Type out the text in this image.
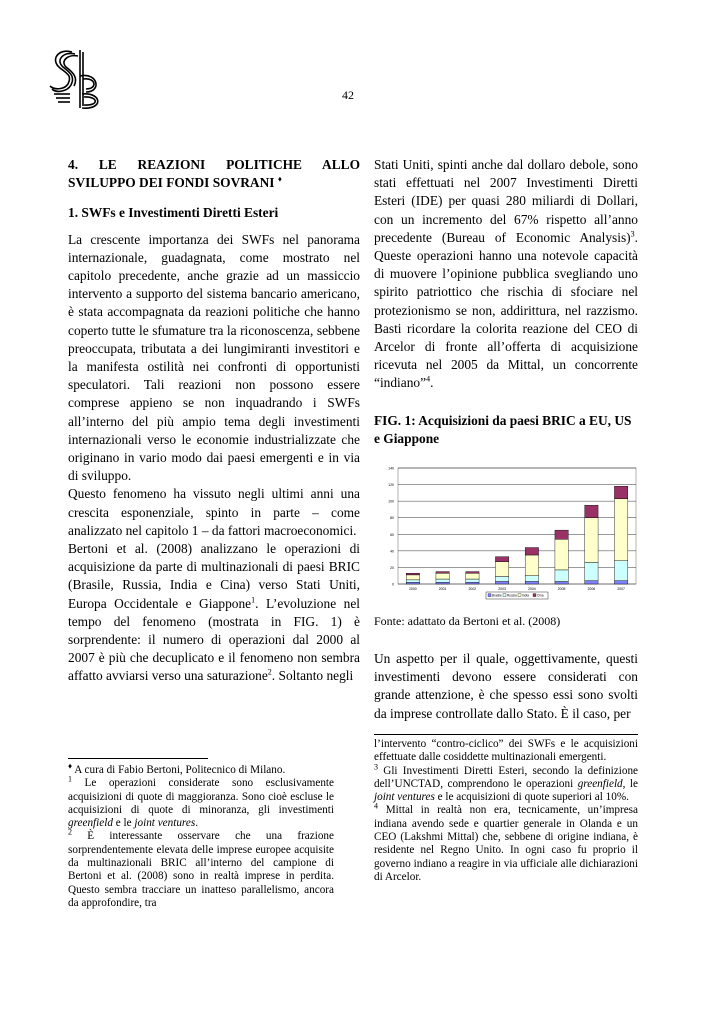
42
4. LE REAZIONI POLITICHE ALLO SVILUPPO DEI FONDI SOVRANI ♦
1. SWFs e Investimenti Diretti Esteri

La crescente importanza dei SWFs nel panorama internazionale, guadagnata, come mostrato nel capitolo precedente, anche grazie ad un massiccio intervento a supporto del sistema bancario americano, è stata accompagnata da reazioni politiche che hanno coperto tutte le sfumature tra la riconoscenza, sebbene preoccupata, tributata a dei lungimiranti investitori e la manifesta ostilità nei confronti di opportunisti speculatori. Tali reazioni non possono essere comprese appieno se non inquadrando i SWFs all’interno del più ampio tema degli investimenti internazionali verso le economie industrializzate che originano in vario modo dai paesi emergenti e in via di sviluppo.

Questo fenomeno ha vissuto negli ultimi anni una crescita esponenziale, spinto in parte – come analizzato nel capitolo 1 – da fattori macroeconomici.

Bertoni et al. (2008) analizzano le operazioni di acquisizione da parte di multinazionali di paesi BRIC (Brasile, Russia, India e Cina) verso Stati Uniti, Europa Occidentale e Giappone$^1$. L’evoluzione nel tempo del fenomeno (mostrata in FIG. 1) è sorprendente: il numero di operazioni dal 2000 al 2007 è più che decuplicato e il fenomeno non sembra affatto avviarsi verso una saturazione$^2$. Soltanto negli

♦ A cura di Fabio Bertoni, Politecnico di Milano.
$^1$ Le operazioni considerate sono esclusivamente acquisizioni di quote di maggioranza. Sono cioè escluse le acquisizioni di quote di minoranza, gli investimenti greenfield e le joint ventures.
$^2$ È interessante osservare che una frazione sorprendentemente elevata delle imprese europee acquisite da multinazionali BRIC all’interno del campione di Bertoni et al. (2008) sono in realtà imprese in perdita. Questo sembra tracciare un inatteso parallelismo, ancora da approfondire, tra

Stati Uniti, spinti anche dal dollaro debole, sono stati effettuati nel 2007 Investimenti Diretti Esteri (IDE) per quasi 280 miliardi di Dollari, con un incremento del 67% rispetto all’anno precedente (Bureau of Economic Analysis)$^3$. Queste operazioni hanno una notevole capacità di muovere l’opinione pubblica svegliando uno spirito patriottico che rischia di sfociare nel protezionismo se non, addirittura, nel razzismo. Basti ricordare la colorita reazione del CEO di Arcelor di fronte all’offerta di acquisizione ricevuta nel 2005 da Mittal, un concorrente “indiano”$^4$.

FIG. 1: Acquisizioni da paesi BRIC a EU, US e Giappone
0
20
40
60
80
100
120
140
2000	2001	2002	2003	2004	2005	2006	2007
Brasile Russia India	Cina
Fonte: adattato da Bertoni et al. (2008)

Un aspetto per il quale, oggettivamente, questi investimenti devono essere considerati con grande attenzione, è che spesso essi sono svolti da imprese controllate dallo Stato. È il caso, per

l’intervento “contro-ciclico” dei SWFs e le acquisizioni effettuate dalle cosiddette multinazionali emergenti.
$^3$ Gli Investimenti Diretti Esteri, secondo la definizione dell’UNCTAD, comprendono le operazioni greenfield, le joint ventures e le acquisizioni di quote superiori al 10%.
$^4$ Mittal in realtà non era, tecnicamente, un’impresa indiana avendo sede e quartier generale in Olanda e un CEO (Lakshmi Mittal) che, sebbene di origine indiana, è residente nel Regno Unito. In ogni caso fu proprio il governo indiano a reagire in via ufficiale alle dichiarazioni di Arcelor.
